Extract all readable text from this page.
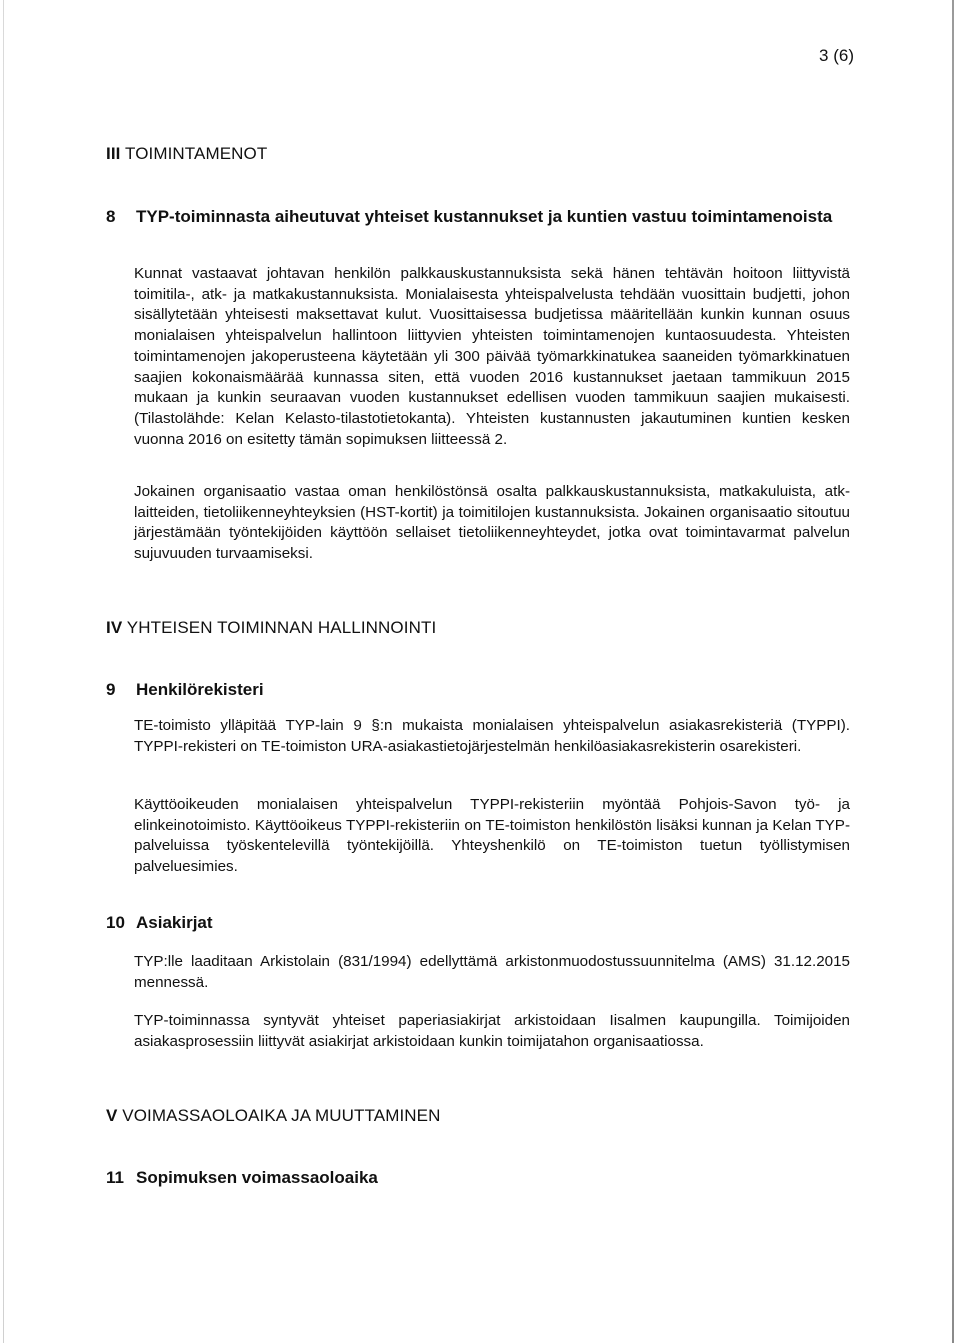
3 (6)
III TOIMINTAMENOT
8	TYP-toiminnasta aiheutuvat yhteiset kustannukset ja kuntien vastuu toimintamenoista

Kunnat vastaavat johtavan henkilön palkkauskustannuksista sekä hänen tehtävän hoitoon liittyvistä toimitila-, atk- ja matkakustannuksista. Monialaisesta yhteispalvelusta tehdään vuosittain budjetti, johon sisällytetään yhteisesti maksettavat kulut. Vuosittaisessa budjetissa määritellään kunkin kunnan osuus monialaisen yhteispalvelun hallintoon liittyvien yhteisten toimintamenojen kuntaosuudesta. Yhteisten toimintamenojen jakoperusteena käytetään yli 300 päivää työmarkkinatukea saaneiden työmarkkinatuen saajien kokonaismäärää kunnassa siten, että vuoden 2016 kustannukset jaetaan tammikuun 2015 mukaan ja kunkin seuraavan vuoden kustannukset edellisen vuoden tammikuun saajien mukaisesti. (Tilastolähde: Kelan Kelasto-tilastotietokanta). Yhteisten kustannusten jakautuminen kuntien kesken vuonna 2016 on esitetty tämän sopimuksen liitteessä 2.

Jokainen organisaatio vastaa oman henkilöstönsä osalta palkkauskustannuksista, matkakuluista, atk-laitteiden, tietoliikenneyhteyksien (HST-kortit) ja toimitilojen kustannuksista. Jokainen organisaatio sitoutuu järjestämään työntekijöiden käyttöön sellaiset tietoliikenneyhteydet, jotka ovat toimintavarmat palvelun sujuvuuden turvaamiseksi.

IV YHTEISEN TOIMINNAN HALLINNOINTI
9	Henkilörekisteri

TE-toimisto ylläpitää TYP-lain 9 §:n mukaista monialaisen yhteispalvelun asiakasrekisteriä (TYPPI). TYPPI-rekisteri on TE-toimiston URA-asiakastietojärjestelmän henkilöasiakasrekisterin osarekisteri.

Käyttöoikeuden monialaisen yhteispalvelun TYPPI-rekisteriin myöntää Pohjois-Savon työ- ja elinkeinotoimisto. Käyttöoikeus TYPPI-rekisteriin on TE-toimiston henkilöstön lisäksi kunnan ja Kelan TYP-palveluissa työskentelevillä työntekijöillä. Yhteyshenkilö on TE-toimiston tuetun työllistymisen palveluesimies.

10 Asiakirjat

TYP:lle laaditaan Arkistolain (831/1994) edellyttämä arkistonmuodostussuunnitelma (AMS) 31.12.2015 mennessä.

TYP-toiminnassa syntyvät yhteiset paperiasiakirjat arkistoidaan Iisalmen kaupungilla. Toimijoiden asiakasprosessiin liittyvät asiakirjat arkistoidaan kunkin toimijatahon organisaatiossa.

V VOIMASSAOLOAIKA JA MUUTTAMINEN
11 Sopimuksen voimassaoloaika
